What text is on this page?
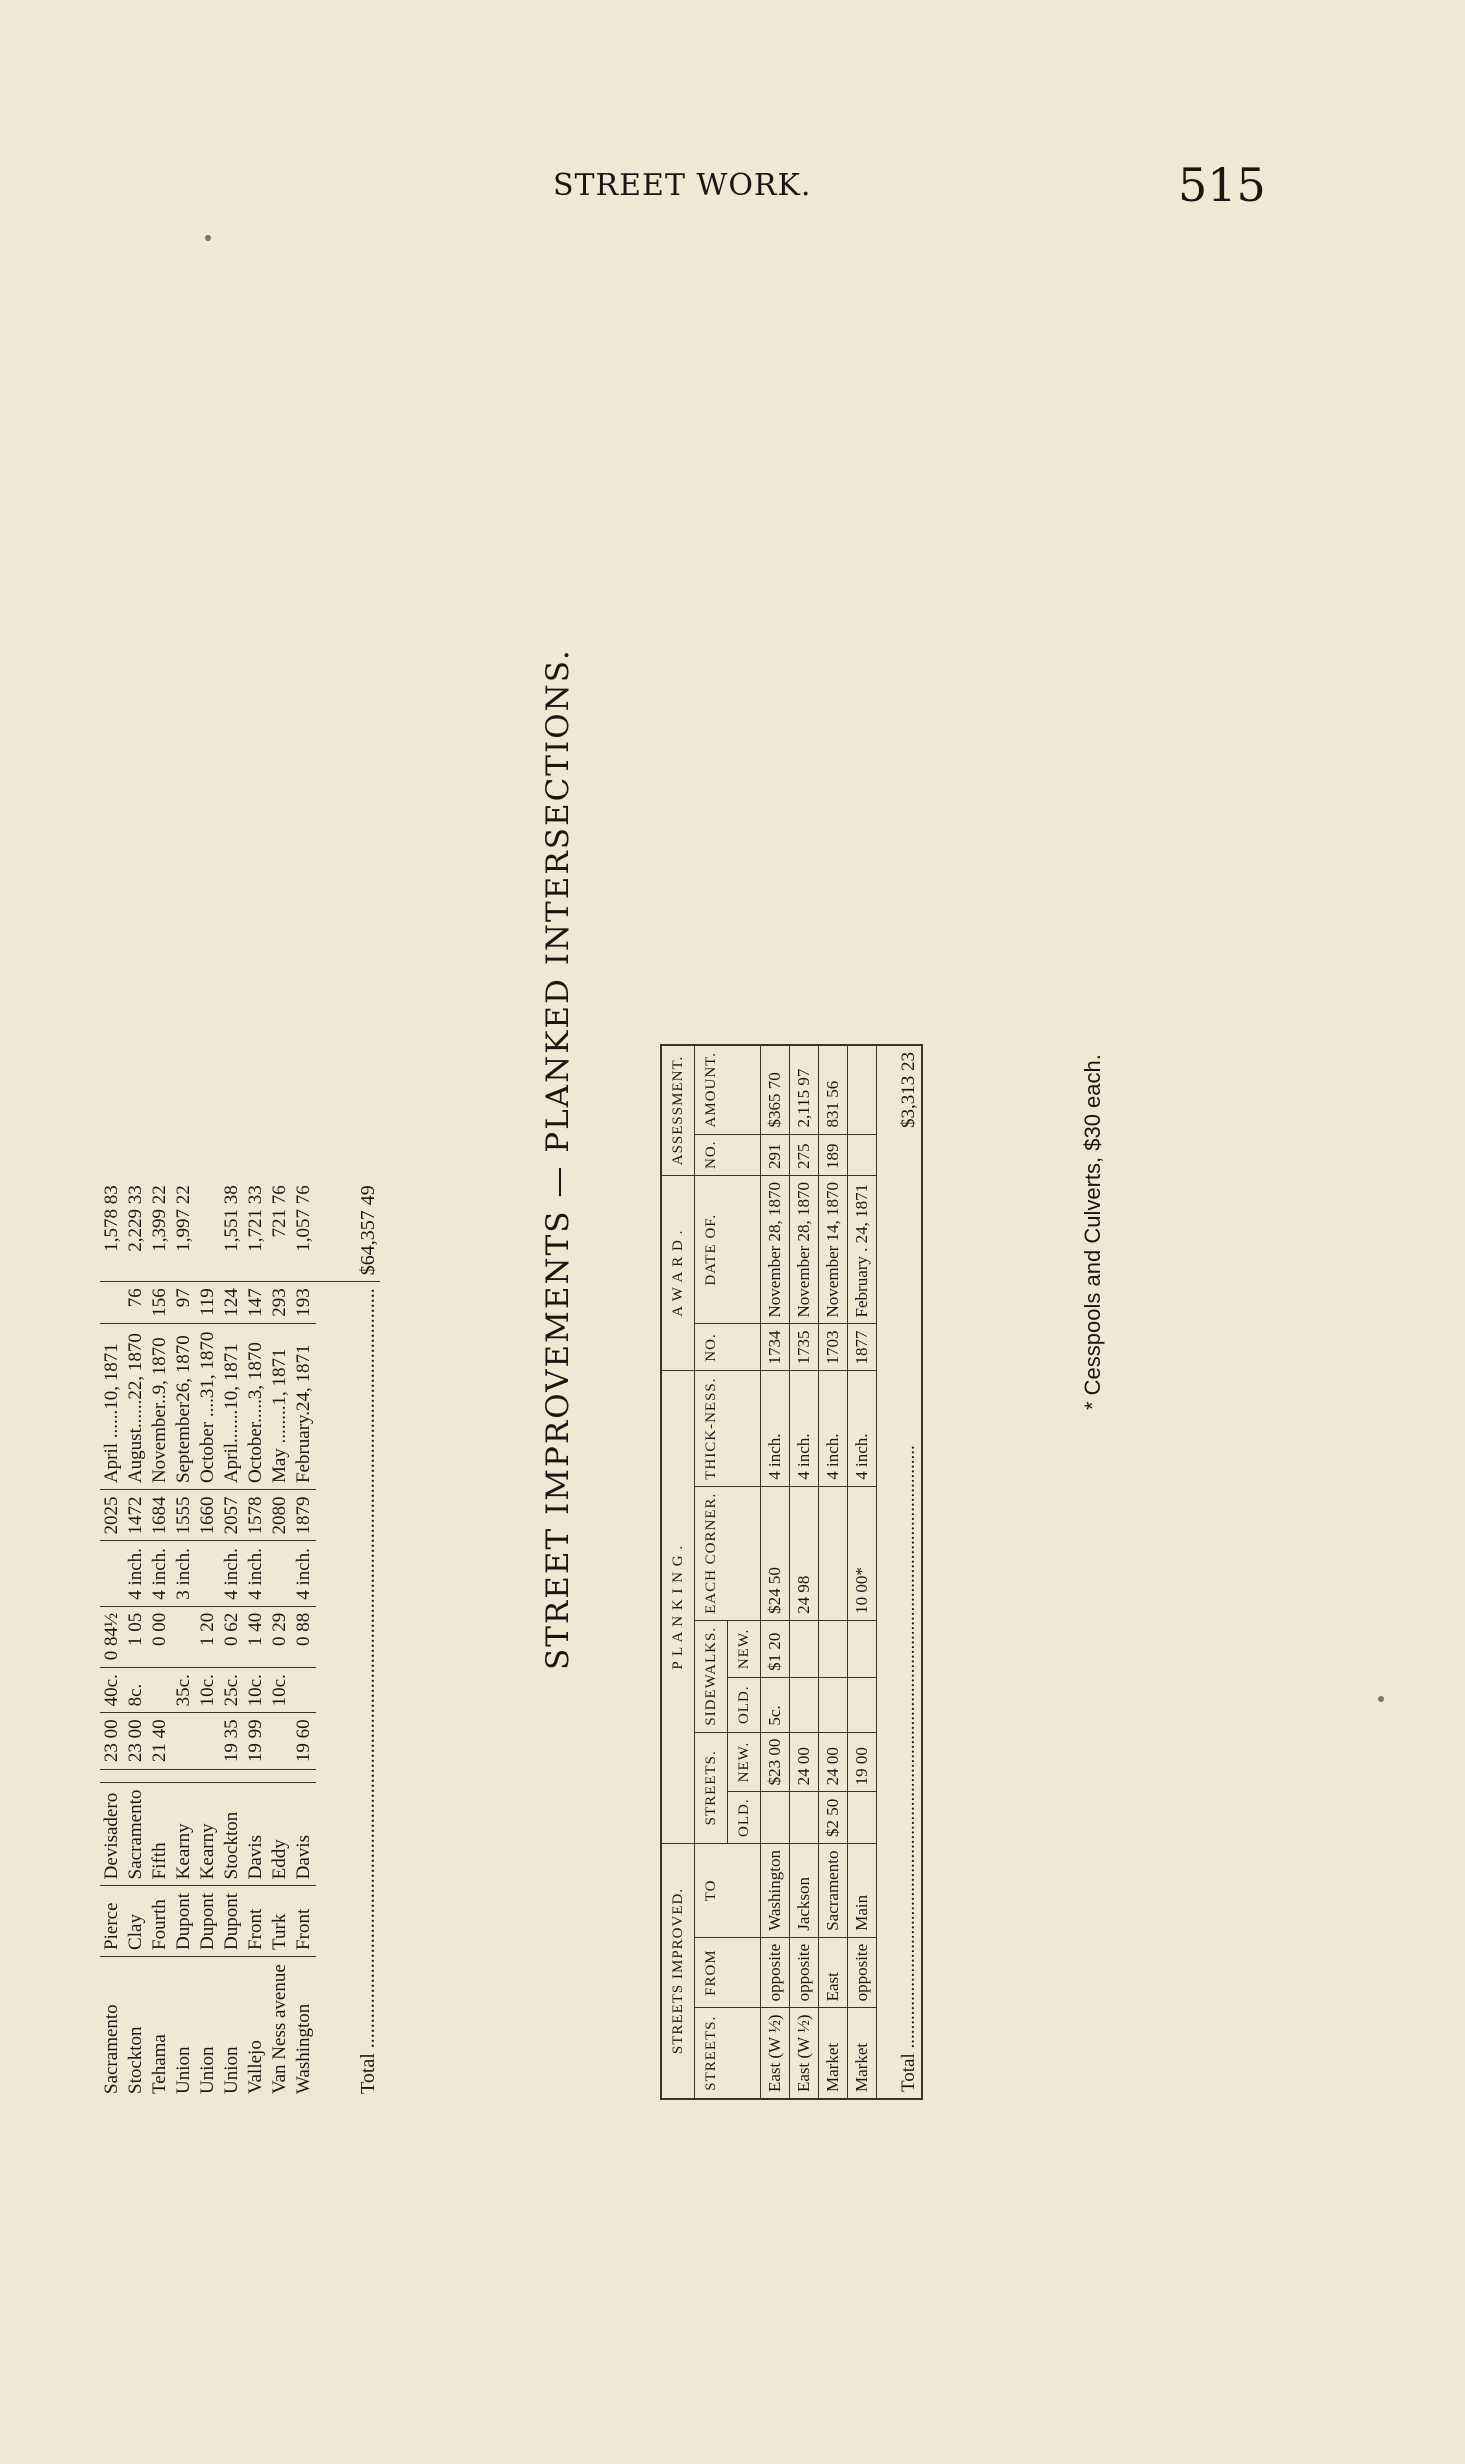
STREET WORK.	515
Sacramento	Pierce	Devisadero		23 00	40c.	0 84½		2025	April ......10, 1871		1,578 83
Stockton	Clay	Sacramento		23 00	8c.	1 05	4 inch.	1472	August......22, 1870	76	2,229 33
Tehama	Fourth	Fifth		21 40		0 00	4 inch.	1684	November..9, 1870	156	1,399 22
Union	Dupont	Kearny			35c.		3 inch.	1555	September26, 1870	97	1,997 22
Union	Dupont	Kearny			10c.	1 20		1660	October ....31, 1870	119	
Union	Dupont	Stockton		19 35	25c.	0 62	4 inch.	2057	April.......10, 1871	124	1,551 38
Vallejo	Front	Davis		19 99	10c.	1 40	4 inch.	1578	October.....3, 1870	147	1,721 33
Van Ness avenue	Turk	Eddy			10c.	0 29		2080	May ........1, 1871	293	721 76
Washington	Front	Davis		19 60		0 88	4 inch.	1879	February.24, 1871	193	1,057 76
Total ........................................................................................................................................................											$64,357 49	STREET IMPROVEMENTS — PLANKED INTERSECTIONS.
STREETS IMPROVED.			P L A N K I N G .						A W A R D .		ASSESSMENT.	
STREETS.	FROM	TO	STREETS.		SIDEWALKS.		EACH CORNER.	THICK-NESS.	NO.	DATE OF.	NO.	AMOUNT.
			OLD.	NEW.	OLD.	NEW.						
East (W ½)	opposite	Washington		$23 00	5c.	$1 20	$24 50	4 inch.	1734	November 28, 1870	291	$365 70
East (W ½)	opposite	Jackson		24 00			24 98	4 inch.	1735	November 28, 1870	275	2,115 97
Market	East	Sacramento	$2 50	24 00				4 inch.	1703	November 14, 1870	189	831 56
Market	opposite	Main		19 00			10 00*	4 inch.	1877	February . 24, 1871		
Total ...............................................................................................................................												$3,313 23	* Cesspools and Culverts, $30 each.
